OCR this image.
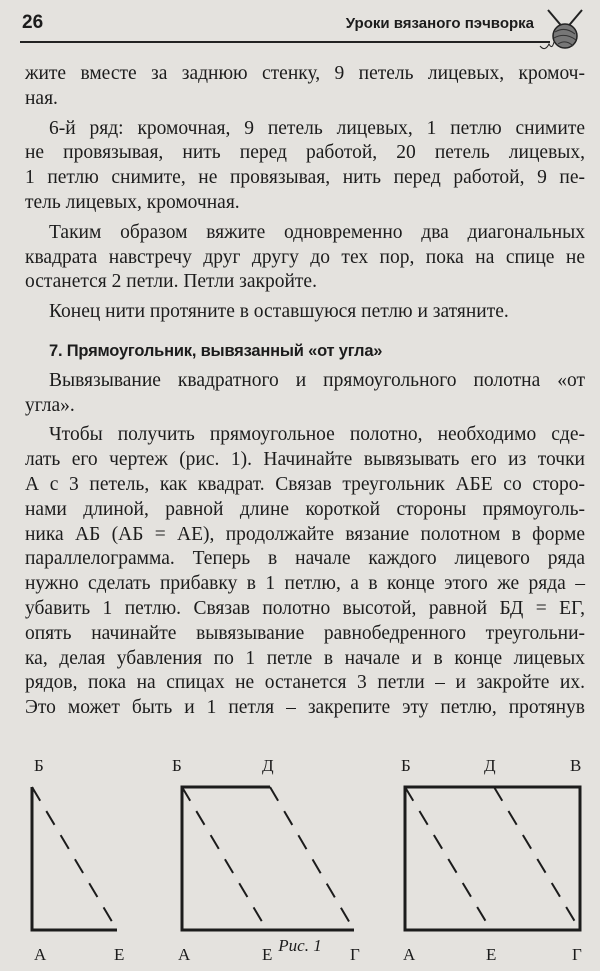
26	Уроки вязаного пэчворка
жите вместе за заднюю стенку, 9 петель лицевых, кромоч-
ная.
6-й ряд: кромочная, 9 петель лицевых, 1 петлю снимите
не провязывая, нить перед работой, 20 петель лицевых,
1 петлю снимите, не провязывая, нить перед работой, 9 пе-
тель лицевых, кромочная.
Таким образом вяжите одновременно два диагональных
квадрата навстречу друг другу до тех пор, пока на спице не
останется 2 петли. Петли закройте.
Конец нити протяните в оставшуюся петлю и затяните.
7. Прямоугольник, вывязанный «от угла»
Вывязывание квадратного и прямоугольного полотна «от
угла».
Чтобы получить прямоугольное полотно, необходимо сде-
лать его чертеж (рис. 1). Начинайте вывязывать его из точки
А с 3 петель, как квадрат. Связав треугольник АБЕ со сторо-
нами длиной, равной длине короткой стороны прямоуголь-
ника АБ (АБ = АЕ), продолжайте вязание полотном в форме
параллелограмма. Теперь в начале каждого лицевого ряда
нужно сделать прибавку в 1 петлю, а в конце этого же ряда –
убавить 1 петлю. Связав полотно высотой, равной БД = ЕГ,
опять начинайте вывязывание равнобедренного треугольни-
ка, делая убавления по 1 петле в начале и в конце лицевых
рядов, пока на спицах не останется 3 петли – и закройте их.
Это может быть и 1 петля – закрепите эту петлю, протянув
Б
А	Е
Б	Д
А	Е	Г
Б	Д	В
А	Е	Г
Рис. 1
